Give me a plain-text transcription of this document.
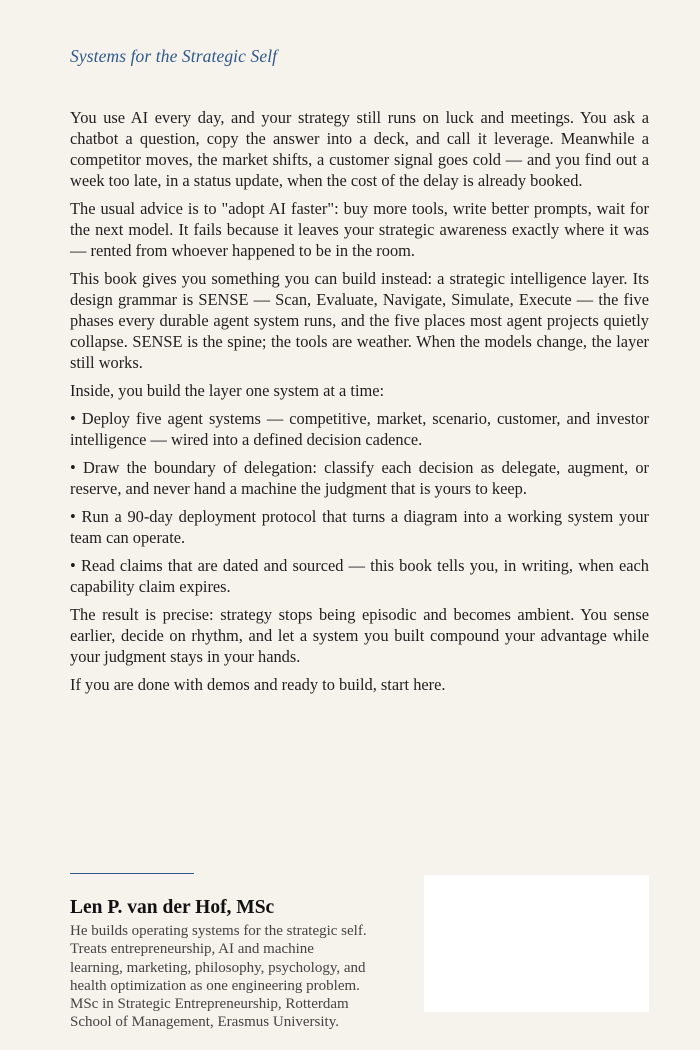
Systems for the Strategic Self

You use AI every day, and your strategy still runs on luck and meetings. You ask a chatbot a question, copy the answer into a deck, and call it leverage. Meanwhile a competitor moves, the market shifts, a customer signal goes cold — and you find out a week too late, in a status update, when the cost of the delay is already booked.

The usual advice is to "adopt AI faster": buy more tools, write better prompts, wait for the next model. It fails because it leaves your strategic awareness exactly where it was — rented from whoever happened to be in the room.

This book gives you something you can build instead: a strategic intelligence layer. Its design grammar is SENSE — Scan, Evaluate, Navigate, Simulate, Execute — the five phases every durable agent system runs, and the five places most agent projects quietly collapse. SENSE is the spine; the tools are weather. When the models change, the layer still works.

Inside, you build the layer one system at a time:

• Deploy five agent systems — competitive, market, scenario, customer, and investor intelligence — wired into a defined decision cadence.

• Draw the boundary of delegation: classify each decision as delegate, augment, or reserve, and never hand a machine the judgment that is yours to keep.

• Run a 90-day deployment protocol that turns a diagram into a working system your team can operate.

• Read claims that are dated and sourced — this book tells you, in writing, when each capability claim expires.

The result is precise: strategy stops being episodic and becomes ambient. You sense earlier, decide on rhythm, and let a system you built compound your advantage while your judgment stays in your hands.

If you are done with demos and ready to build, start here.

Len P. van der Hof, MSc
He builds operating systems for the strategic self.
Treats entrepreneurship, AI and machine
learning, marketing, philosophy, psychology, and
health optimization as one engineering problem.
MSc in Strategic Entrepreneurship, Rotterdam
School of Management, Erasmus University.
